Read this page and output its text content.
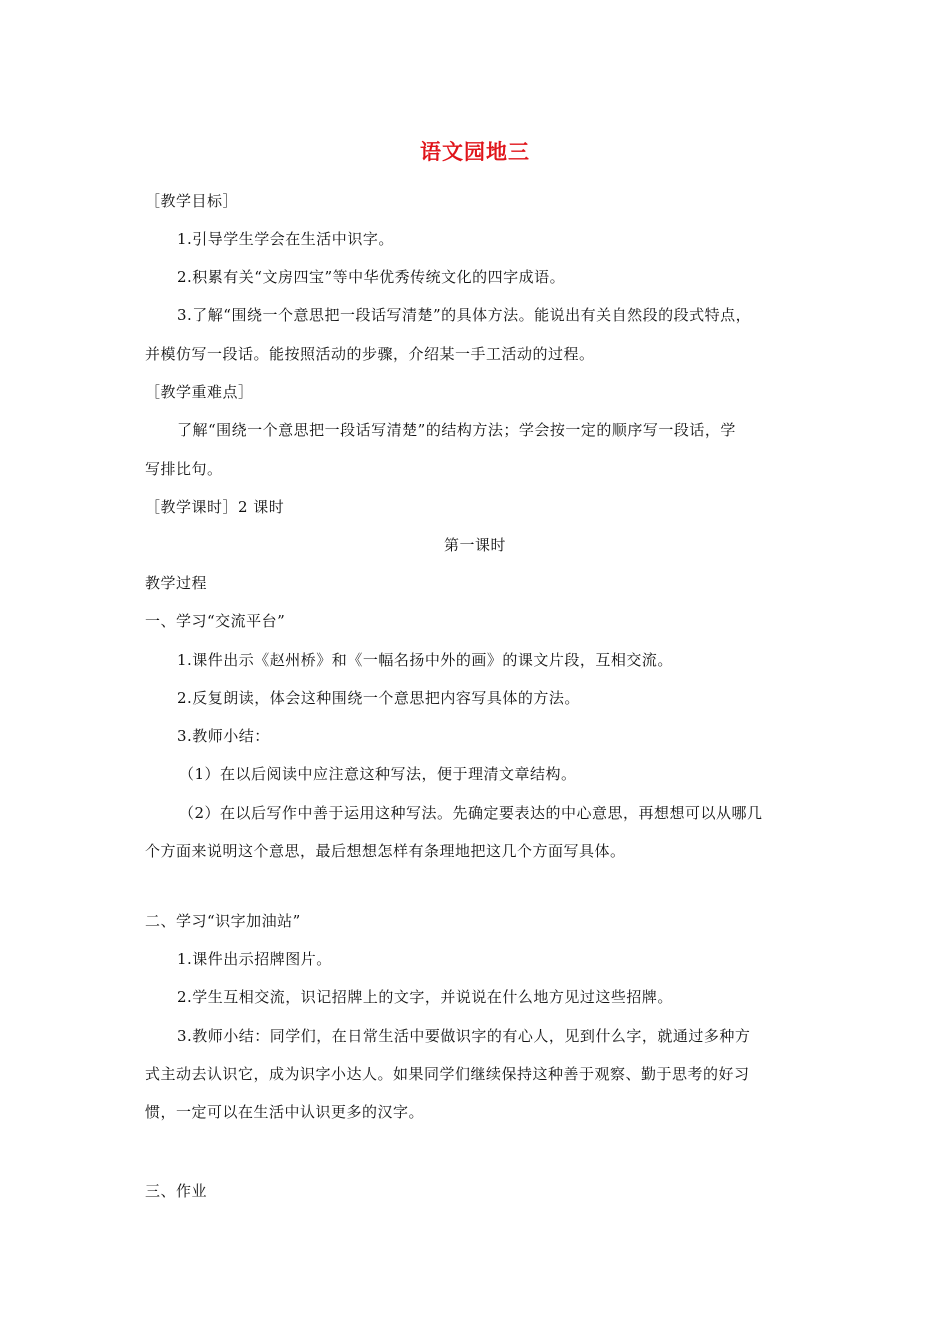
语文园地三

［教学目标］

1.引导学生学会在生活中识字。

2.积累有关“文房四宝”等中华优秀传统文化的四字成语。

3.了解“围绕一个意思把一段话写清楚”的具体方法。能说出有关自然段的段式特点，

并模仿写一段话。能按照活动的步骤，介绍某一手工活动的过程。

［教学重难点］

了解“围绕一个意思把一段话写清楚”的结构方法；学会按一定的顺序写一段话，学

写排比句。

［教学课时］2 课时

第一课时

教学过程

一、学习“交流平台”

1.课件出示《赵州桥》和《一幅名扬中外的画》的课文片段，互相交流。

2.反复朗读，体会这种围绕一个意思把内容写具体的方法。

3.教师小结：

（1）在以后阅读中应注意这种写法，便于理清文章结构。

（2）在以后写作中善于运用这种写法。先确定要表达的中心意思，再想想可以从哪几

个方面来说明这个意思，最后想想怎样有条理地把这几个方面写具体。

二、学习“识字加油站”

1.课件出示招牌图片。

2.学生互相交流，识记招牌上的文字，并说说在什么地方见过这些招牌。

3.教师小结：同学们，在日常生活中要做识字的有心人，见到什么字，就通过多种方

式主动去认识它，成为识字小达人。如果同学们继续保持这种善于观察、勤于思考的好习

惯，一定可以在生活中认识更多的汉字。

三、作业
